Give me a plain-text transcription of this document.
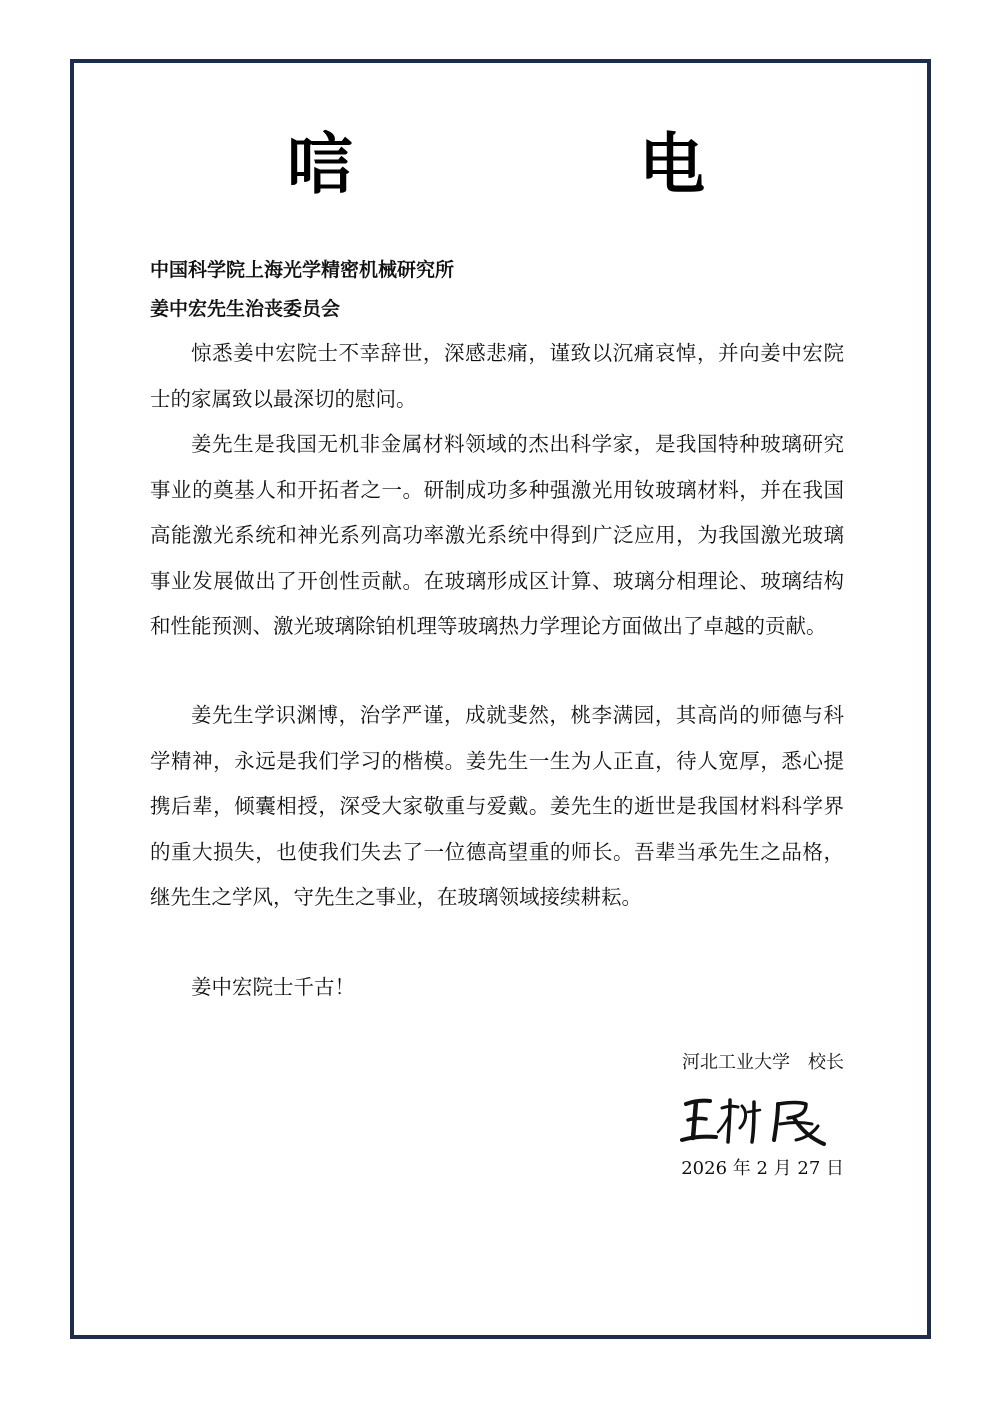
唁　电
中国科学院上海光学精密机械研究所
姜中宏先生治丧委员会

惊悉姜中宏院士不幸辞世，深感悲痛，谨致以沉痛哀悼，并向姜中宏院士的家属致以最深切的慰问。

姜先生是我国无机非金属材料领域的杰出科学家，是我国特种玻璃研究事业的奠基人和开拓者之一。研制成功多种强激光用钕玻璃材料，并在我国高能激光系统和神光系列高功率激光系统中得到广泛应用，为我国激光玻璃事业发展做出了开创性贡献。在玻璃形成区计算、玻璃分相理论、玻璃结构和性能预测、激光玻璃除铂机理等玻璃热力学理论方面做出了卓越的贡献。

姜先生学识渊博，治学严谨，成就斐然，桃李满园，其高尚的师德与科学精神，永远是我们学习的楷模。姜先生一生为人正直，待人宽厚，悉心提携后辈，倾囊相授，深受大家敬重与爱戴。姜先生的逝世是我国材料科学界的重大损失，也使我们失去了一位德高望重的师长。吾辈当承先生之品格，继先生之学风，守先生之事业，在玻璃领域接续耕耘。

姜中宏院士千古！

河北工业大学　校长
2026 年 2 月 27 日
